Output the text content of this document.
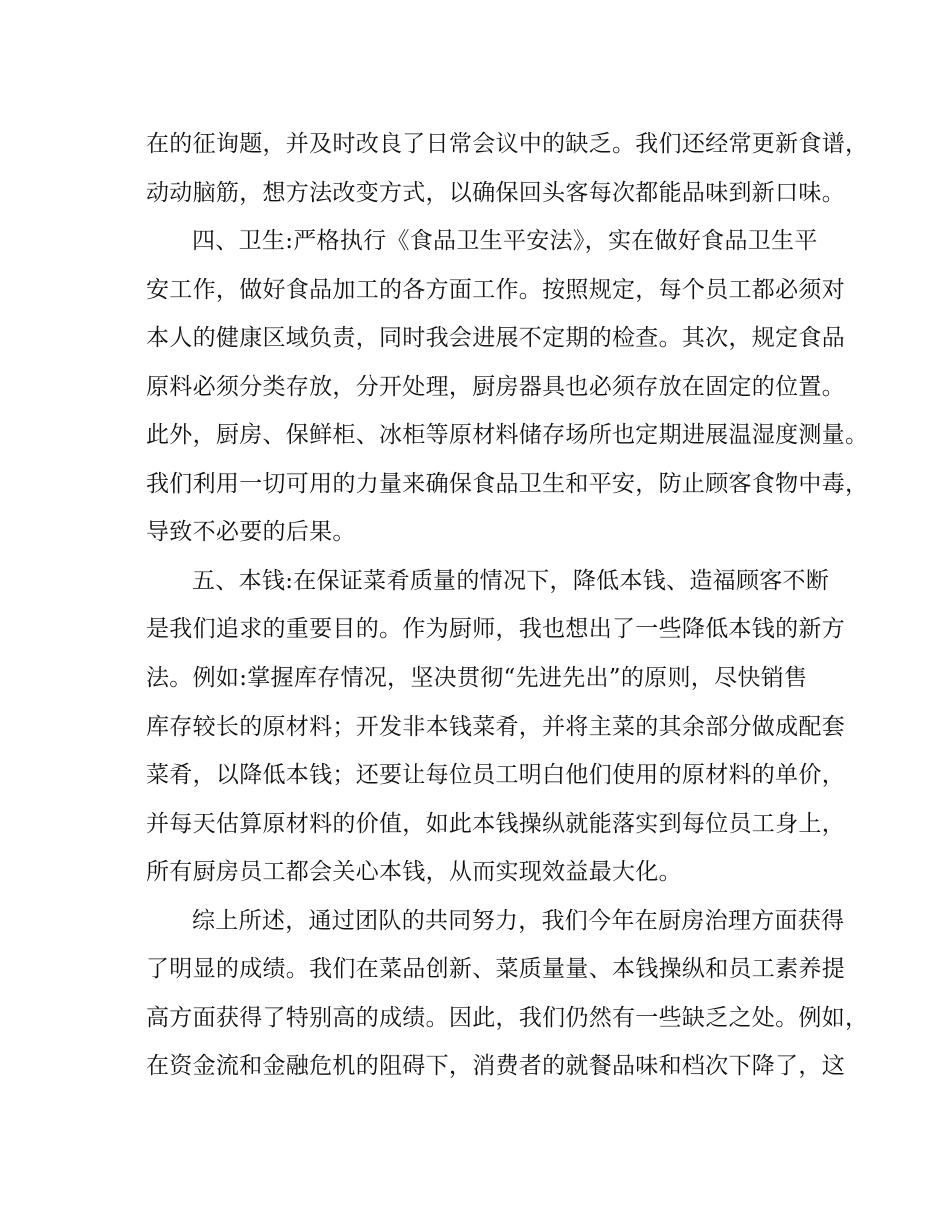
在的征询题，并及时改良了日常会议中的缺乏。我们还经常更新食谱，
动动脑筋，想方法改变方式，以确保回头客每次都能品味到新口味。
四、卫生:严格执行《食品卫生平安法》，实在做好食品卫生平
安工作，做好食品加工的各方面工作。按照规定，每个员工都必须对
本人的健康区域负责，同时我会进展不定期的检查。其次，规定食品
原料必须分类存放，分开处理，厨房器具也必须存放在固定的位置。
此外，厨房、保鲜柜、冰柜等原材料储存场所也定期进展温湿度测量。
我们利用一切可用的力量来确保食品卫生和平安，防止顾客食物中毒，
导致不必要的后果。
五、本钱:在保证菜肴质量的情况下，降低本钱、造福顾客不断
是我们追求的重要目的。作为厨师，我也想出了一些降低本钱的新方
法。例如:掌握库存情况，坚决贯彻“先进先出”的原则，尽快销售
库存较长的原材料；开发非本钱菜肴，并将主菜的其余部分做成配套
菜肴，以降低本钱；还要让每位员工明白他们使用的原材料的单价，
并每天估算原材料的价值，如此本钱操纵就能落实到每位员工身上，
所有厨房员工都会关心本钱，从而实现效益最大化。
综上所述，通过团队的共同努力，我们今年在厨房治理方面获得
了明显的成绩。我们在菜品创新、菜质量量、本钱操纵和员工素养提
高方面获得了特别高的成绩。因此，我们仍然有一些缺乏之处。例如，
在资金流和金融危机的阻碍下，消费者的就餐品味和档次下降了，这
